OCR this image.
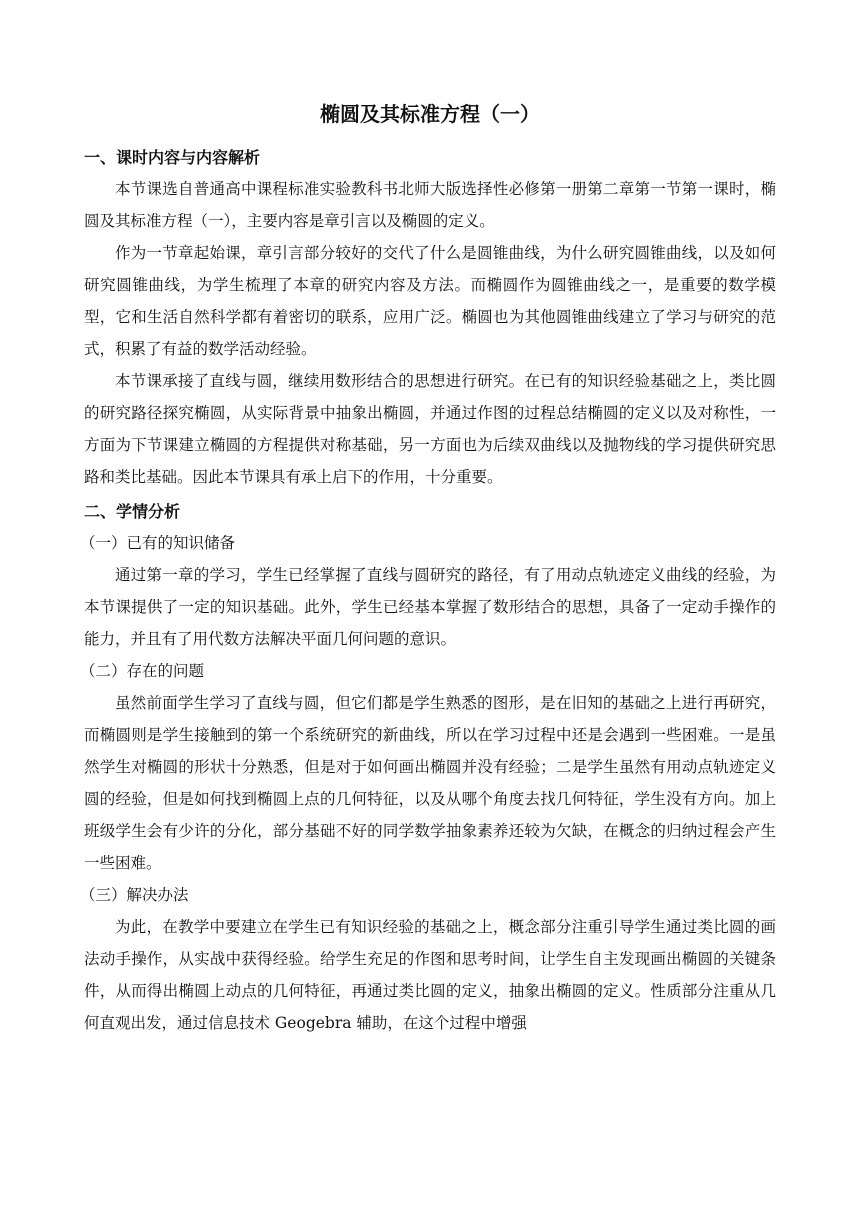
椭圆及其标准方程（一）

一、课时内容与内容解析

本节课选自普通高中课程标准实验教科书北师大版选择性必修第一册第二章第一节第一课时，椭圆及其标准方程（一），主要内容是章引言以及椭圆的定义。

作为一节章起始课，章引言部分较好的交代了什么是圆锥曲线，为什么研究圆锥曲线，以及如何研究圆锥曲线，为学生梳理了本章的研究内容及方法。而椭圆作为圆锥曲线之一，是重要的数学模型，它和生活自然科学都有着密切的联系，应用广泛。椭圆也为其他圆锥曲线建立了学习与研究的范式，积累了有益的数学活动经验。

本节课承接了直线与圆，继续用数形结合的思想进行研究。在已有的知识经验基础之上，类比圆的研究路径探究椭圆，从实际背景中抽象出椭圆，并通过作图的过程总结椭圆的定义以及对称性，一方面为下节课建立椭圆的方程提供对称基础，另一方面也为后续双曲线以及抛物线的学习提供研究思路和类比基础。因此本节课具有承上启下的作用，十分重要。

二、学情分析

（一）已有的知识储备

通过第一章的学习，学生已经掌握了直线与圆研究的路径，有了用动点轨迹定义曲线的经验，为本节课提供了一定的知识基础。此外，学生已经基本掌握了数形结合的思想，具备了一定动手操作的能力，并且有了用代数方法解决平面几何问题的意识。

（二）存在的问题

虽然前面学生学习了直线与圆，但它们都是学生熟悉的图形，是在旧知的基础之上进行再研究，而椭圆则是学生接触到的第一个系统研究的新曲线，所以在学习过程中还是会遇到一些困难。一是虽然学生对椭圆的形状十分熟悉，但是对于如何画出椭圆并没有经验；二是学生虽然有用动点轨迹定义圆的经验，但是如何找到椭圆上点的几何特征，以及从哪个角度去找几何特征，学生没有方向。加上班级学生会有少许的分化，部分基础不好的同学数学抽象素养还较为欠缺，在概念的归纳过程会产生一些困难。

（三）解决办法

为此，在教学中要建立在学生已有知识经验的基础之上，概念部分注重引导学生通过类比圆的画法动手操作，从实战中获得经验。给学生充足的作图和思考时间，让学生自主发现画出椭圆的关键条件，从而得出椭圆上动点的几何特征，再通过类比圆的定义，抽象出椭圆的定义。性质部分注重从几何直观出发，通过信息技术 Geogebra 辅助，在这个过程中增强
